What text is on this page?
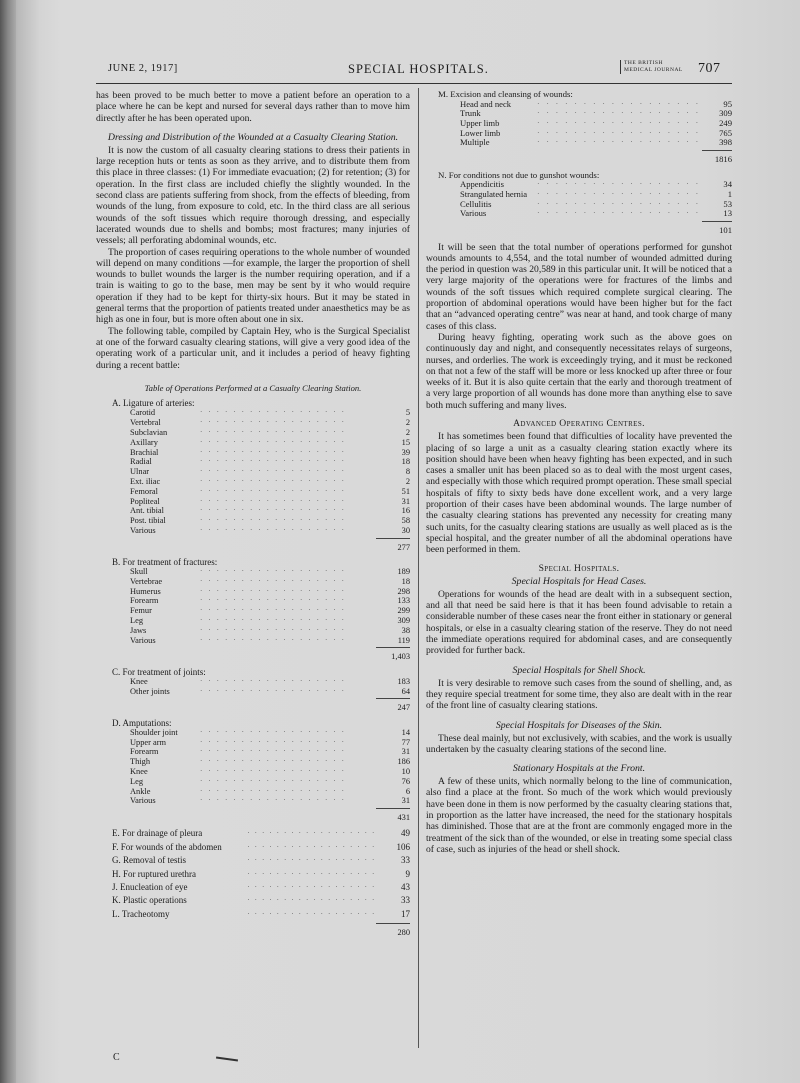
JUNE 2, 1917]	SPECIAL HOSPITALS.	THE BRITISH
MEDICAL JOURNAL 707

has been proved to be much better to move a patient before an operation to a place where he can be kept and nursed for several days rather than to move him directly after he has been operated upon.

Dressing and Distribution of the Wounded at a Casualty Clearing Station.

It is now the custom of all casualty clearing stations to dress their patients in large reception huts or tents as soon as they arrive, and to distribute them from this place in three classes: (1) For immediate evacuation; (2) for retention; (3) for operation. In the first class are included chiefly the slightly wounded. In the second class are patients suffering from shock, from the effects of bleeding, from wounds of the lung, from exposure to cold, etc. In the third class are all serious wounds of the soft tissues which require thorough dressing, and especially lacerated wounds due to shells and bombs; most fractures; many injuries of vessels; all perforating abdominal wounds, etc.

The proportion of cases requiring operations to the whole number of wounded will depend on many conditions —for example, the larger the proportion of shell wounds to bullet wounds the larger is the number requiring operation, and if a train is waiting to go to the base, men may be sent by it who would require operation if they had to be kept for thirty-six hours. But it may be stated in general terms that the proportion of patients treated under anaesthetics may be as high as one in four, but is more often about one in six.

The following table, compiled by Captain Hey, who is the Surgical Specialist at one of the forward casualty clearing stations, will give a very good idea of the operating work of a particular unit, and it includes a period of heavy fighting during a recent battle:

Table of Operations Performed at a Casualty Clearing Station.
A. Ligature of arteries:
Carotid	··················	5
Vertebral	··················	2
Subclavian	··················	2
Axillary	··················	15
Brachial	··················	39
Radial	··················	18
Ulnar	··················	8
Ext. iliac	··················	2
Femoral	··················	51
Popliteal	··················	31
Ant. tibial	··················	16
Post. tibial	··················	58
Various	··················	30
277
B. For treatment of fractures:
Skull	··················	189
Vertebrae	··················	18
Humerus	··················	298
Forearm	··················	133
Femur	··················	299
Leg	··················	309
Jaws	··················	38
Various	··················	119
1,403
C. For treatment of joints:
Knee	··················	183
Other joints	··················	64
247
D. Amputations:
Shoulder joint	··················	14
Upper arm	··················	77
Forearm	··················	31
Thigh	··················	186
Knee	··················	10
Leg	··················	76
Ankle	··················	6
Various	··················	31
431
E. For drainage of pleura	··················	49
F. For wounds of the abdomen	··················	106
G. Removal of testis	··················	33
H. For ruptured urethra	··················	9
J. Enucleation of eye	··················	43
K. Plastic operations	··················	33
L. Tracheotomy	··················	17
280
M. Excision and cleansing of wounds:
Head and neck	··················	95
Trunk	··················	309
Upper limb	··················	249
Lower limb	··················	765
Multiple	··················	398
1816
N. For conditions not due to gunshot wounds:
Appendicitis	··················	34
Strangulated hernia	··················	1
Cellulitis	··················	53
Various	··················	13
101

It will be seen that the total number of operations performed for gunshot wounds amounts to 4,554, and the total number of wounded admitted during the period in question was 20,589 in this particular unit. It will be noticed that a very large majority of the operations were for fractures of the limbs and wounds of the soft tissues which required complete surgical clearing. The proportion of abdominal operations would have been higher but for the fact that an “advanced operating centre” was near at hand, and took charge of many cases of this class.

During heavy fighting, operating work such as the above goes on continuously day and night, and consequently necessitates relays of surgeons, nurses, and orderlies. The work is exceedingly trying, and it must be reckoned on that not a few of the staff will be more or less knocked up after three or four weeks of it. But it is also quite certain that the early and thorough treatment of a very large proportion of all wounds has done more than anything else to save both much suffering and many lives.

Advanced Operating Centres.

It has sometimes been found that difficulties of locality have prevented the placing of so large a unit as a casualty clearing station exactly where its position should have been when heavy fighting has been expected, and in such cases a smaller unit has been placed so as to deal with the most urgent cases, and especially with those which required prompt operation. These small special hospitals of fifty to sixty beds have done excellent work, and a very large proportion of their cases have been abdominal wounds. The large number of the casualty clearing stations has prevented any necessity for creating many such units, for the casualty clearing stations are usually as well placed as is the special hospital, and the greater number of all the abdominal operations have been performed in them.

Special Hospitals.
Special Hospitals for Head Cases.

Operations for wounds of the head are dealt with in a subsequent section, and all that need be said here is that it has been found advisable to retain a considerable number of these cases near the front either in stationary or general hospitals, or else in a casualty clearing station of the reserve. They do not need the immediate operations required for abdominal cases, and are consequently provided for further back.

Special Hospitals for Shell Shock.

It is very desirable to remove such cases from the sound of shelling, and, as they require special treatment for some time, they also are dealt with in the rear of the front line of casualty clearing stations.

Special Hospitals for Diseases of the Skin.

These deal mainly, but not exclusively, with scabies, and the work is usually undertaken by the casualty clearing stations of the second line.

Stationary Hospitals at the Front.

A few of these units, which normally belong to the line of communication, also find a place at the front. So much of the work which would previously have been done in them is now performed by the casualty clearing stations that, in proportion as the latter have increased, the need for the stationary hospitals has diminished. Those that are at the front are commonly engaged more in the treatment of the sick than of the wounded, or else in treating some special class of case, such as injuries of the head or shell shock.

C
